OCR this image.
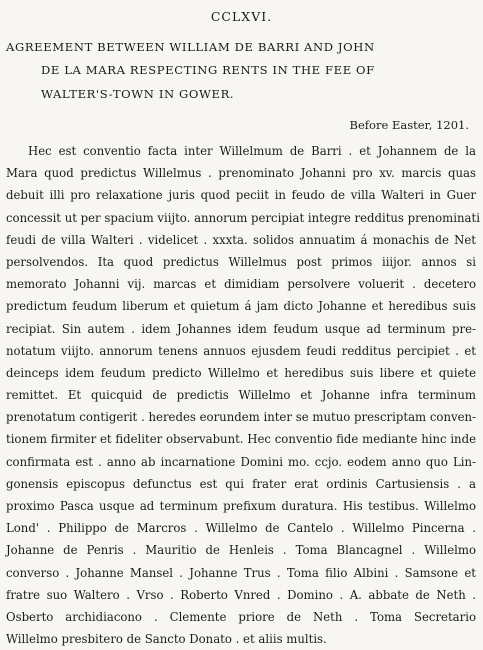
CCLXVI.
AGREEMENT BETWEEN WILLIAM DE BARRI AND JOHN
DE LA MARA RESPECTING RENTS IN THE FEE OF
WALTER'S-TOWN IN GOWER.
Before Easter, 1201.
Hec est conventio facta inter Willelmum de Barri . et Johannem de la
Mara quod predictus Willelmus . prenominato Johanni pro xv. marcis quas
debuit illi pro relaxatione juris quod peciit in feudo de villa Walteri in Guer
concessit ut per spacium viijto. annorum percipiat integre redditus prenominati
feudi de villa Walteri . videlicet . xxxta. solidos annuatim á monachis de Net
persolvendos. Ita quod predictus Willelmus post primos iiijor. annos si
memorato Johanni vij. marcas et dimidiam persolvere voluerit . decetero
predictum feudum liberum et quietum á jam dicto Johanne et heredibus suis
recipiat. Sin autem . idem Johannes idem feudum usque ad terminum pre-
notatum viijto. annorum tenens annuos ejusdem feudi redditus percipiet . et
deinceps idem feudum predicto Willelmo et heredibus suis libere et quiete
remittet. Et quicquid de predictis Willelmo et Johanne infra terminum
prenotatum contigerit . heredes eorundem inter se mutuo prescriptam conven-
tionem firmiter et fideliter observabunt. Hec conventio fide mediante hinc inde
confirmata est . anno ab incarnatione Domini mo. ccjo. eodem anno quo Lin-
gonensis episcopus defunctus est qui frater erat ordinis Cartusiensis . a
proximo Pasca usque ad terminum prefixum duratura. His testibus. Willelmo
Lond' . Philippo de Marcros . Willelmo de Cantelo . Willelmo Pincerna .
Johanne de Penris . Mauritio de Henleis . Toma Blancagnel . Willelmo
converso . Johanne Mansel . Johanne Trus . Toma filio Albini . Samsone et
fratre suo Waltero . Vrso . Roberto Vnred . Domino . A. abbate de Neth .
Osberto archidiacono . Clemente priore de Neth . Toma Secretario
Willelmo presbitero de Sancto Donato . et aliis multis.
